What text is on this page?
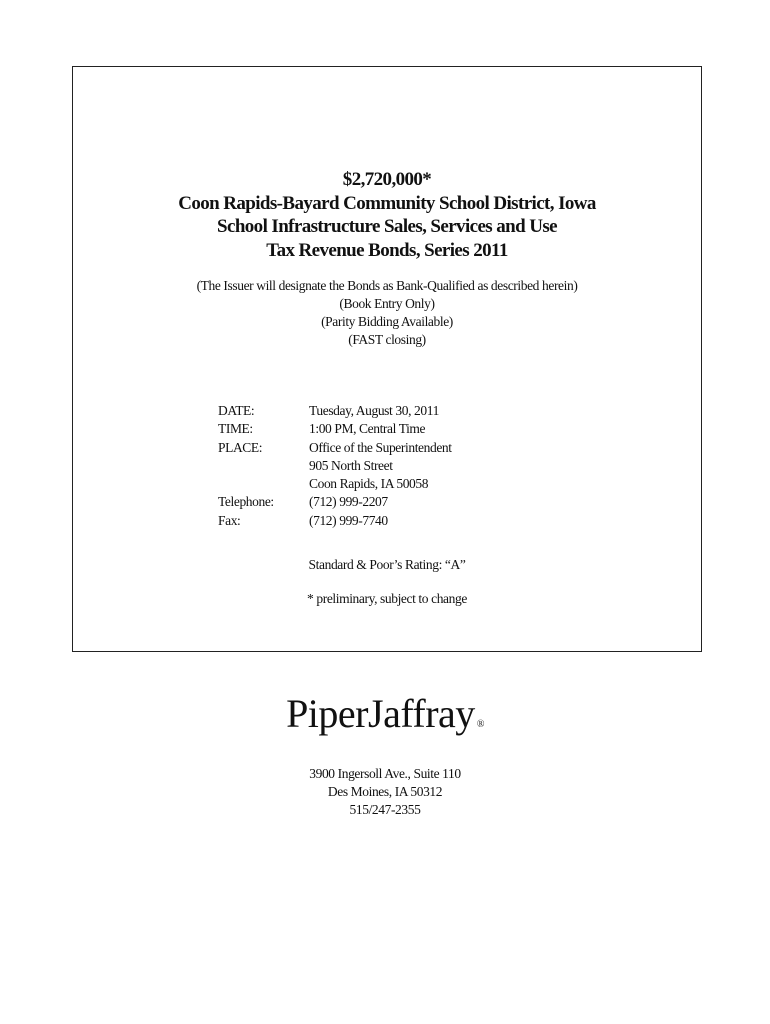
$2,720,000*
Coon Rapids-Bayard Community School District, Iowa
School Infrastructure Sales, Services and Use
Tax Revenue Bonds, Series 2011
(The Issuer will designate the Bonds as Bank-Qualified as described herein)
(Book Entry Only)
(Parity Bidding Available)
(FAST closing)
DATE:	Tuesday, August 30, 2011
TIME:	1:00 PM, Central Time
PLACE:	Office of the Superintendent
905 North Street
Coon Rapids, IA 50058
Telephone:	(712) 999-2207
Fax:	(712) 999-7740
Standard & Poor’s Rating: “A”
* preliminary, subject to change
PiperJaffray ®
3900 Ingersoll Ave., Suite 110
Des Moines, IA 50312
515/247-2355
